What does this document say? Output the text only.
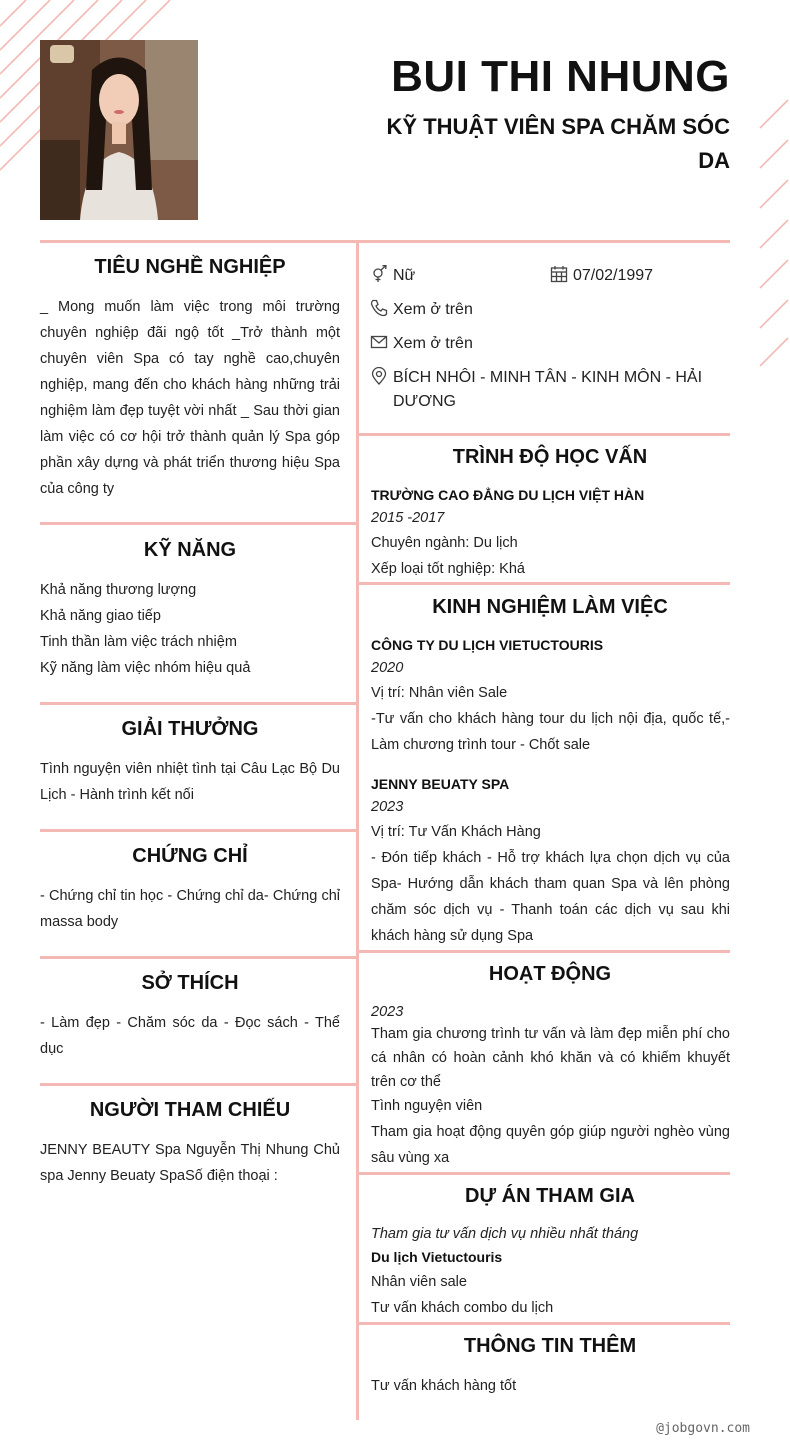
BUI THI NHUNG
KỸ THUẬT VIÊN SPA CHĂM SÓC DA
TIÊU NGHỀ NGHIỆP
_ Mong muốn làm việc trong môi trường chuyên nghiệp đãi ngộ tốt _Trở thành một chuyên viên Spa có tay nghề cao,chuyên nghiệp, mang đến cho khách hàng những trải nghiệm làm đẹp tuyệt vời nhất _ Sau thời gian làm việc có cơ hội trở thành quản lý Spa góp phần xây dựng và phát triển thương hiệu Spa của công ty
KỸ NĂNG
Khả năng thương lượng
Khả năng giao tiếp
Tinh thần làm việc trách nhiệm
Kỹ năng làm việc nhóm hiệu quả
GIẢI THƯỞNG
Tình nguyện viên nhiệt tình tại Câu Lạc Bộ Du Lịch - Hành trình kết nối
CHỨNG CHỈ
- Chứng chỉ tin học - Chứng chỉ da- Chứng chỉ massa body
SỞ THÍCH
- Làm đẹp - Chăm sóc da - Đọc sách - Thể dục
NGƯỜI THAM CHIẾU
JENNY BEAUTY Spa Nguyễn Thị Nhung Chủ spa Jenny Beuaty SpaSố điện thoại :
Nữ	07/02/1997
Xem ở trên
Xem ở trên
BÍCH NHÔI - MINH TÂN - KINH MÔN - HẢI DƯƠNG
TRÌNH ĐỘ HỌC VẤN
TRƯỜNG CAO ĐẲNG DU LỊCH VIỆT HÀN
2015 -2017
Chuyên ngành: Du lịch
Xếp loại tốt nghiệp: Khá
KINH NGHIỆM LÀM VIỆC
CÔNG TY DU LỊCH VIETUCTOURIS
2020
Vị trí: Nhân viên Sale
-Tư vấn cho khách hàng tour du lịch nội địa, quốc tế,- Làm chương trình tour - Chốt sale
JENNY BEUATY SPA
2023
Vị trí: Tư Vấn Khách Hàng
- Đón tiếp khách - Hỗ trợ khách lựa chọn dịch vụ của Spa- Hướng dẫn khách tham quan Spa và lên phòng chăm sóc dịch vụ - Thanh toán các dịch vụ sau khi khách hàng sử dụng Spa
HOẠT ĐỘNG
2023
Tham gia chương trình tư vấn và làm đẹp miễn phí cho cá nhân có hoàn cảnh khó khăn và có khiếm khuyết trên cơ thể
Tình nguyện viên
Tham gia hoạt động quyên góp giúp người nghèo vùng sâu vùng xa
DỰ ÁN THAM GIA
Tham gia tư vấn dịch vụ nhiều nhất tháng
Du lịch Vietuctouris
Nhân viên sale
Tư vấn khách combo du lịch
THÔNG TIN THÊM
Tư vấn khách hàng tốt
@jobgovn.com
